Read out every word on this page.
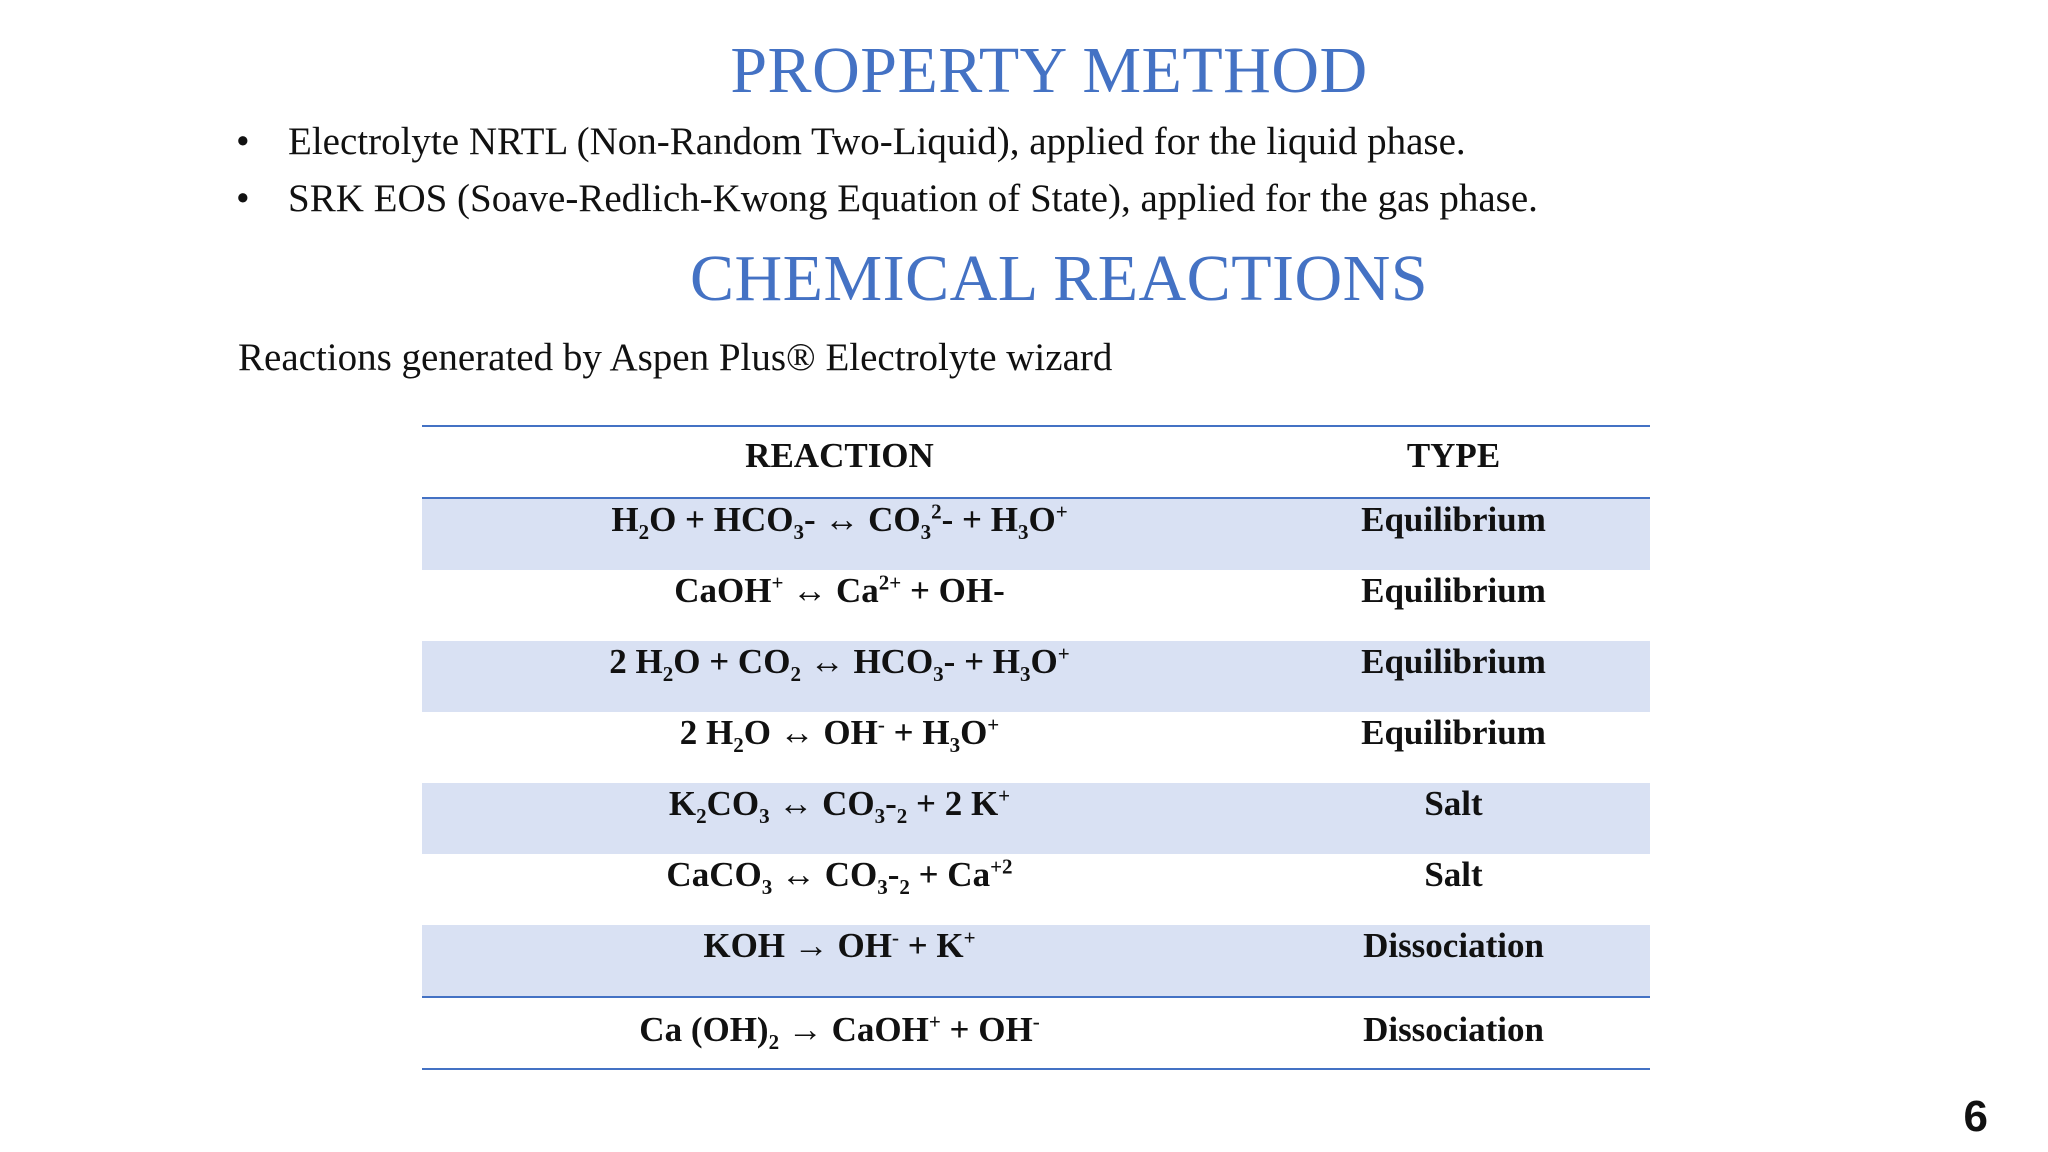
PROPERTY METHOD
• Electrolyte NRTL (Non-Random Two-Liquid), applied for the liquid phase.
• SRK EOS (Soave-Redlich-Kwong Equation of State), applied for the gas phase.
CHEMICAL REACTIONS
Reactions generated by Aspen Plus® Electrolyte wizard
REACTION	TYPE
$H_2O + HCO_3-$ ↔ $CO_3^2- + H_3O^+$	Equilibrium
CaOH+ ↔ $Ca^{2+} + OH-$	Equilibrium
2 $H_2O + CO_2$ ↔ $HCO_3- + H_3O^+$	Equilibrium
2 $H_2O$ ↔ $OH^- + H_3O^+$	Equilibrium
$K_2CO_3$ ↔ $CO_3-_2 + 2$ K+	Salt
CaCO$_3$ ↔ $CO_3-_2 + Ca^{+2}$	Salt
KOH → OH- + K+	Dissociation
Ca $(OH)_2$ → CaOH+ + OH-	Dissociation
6
